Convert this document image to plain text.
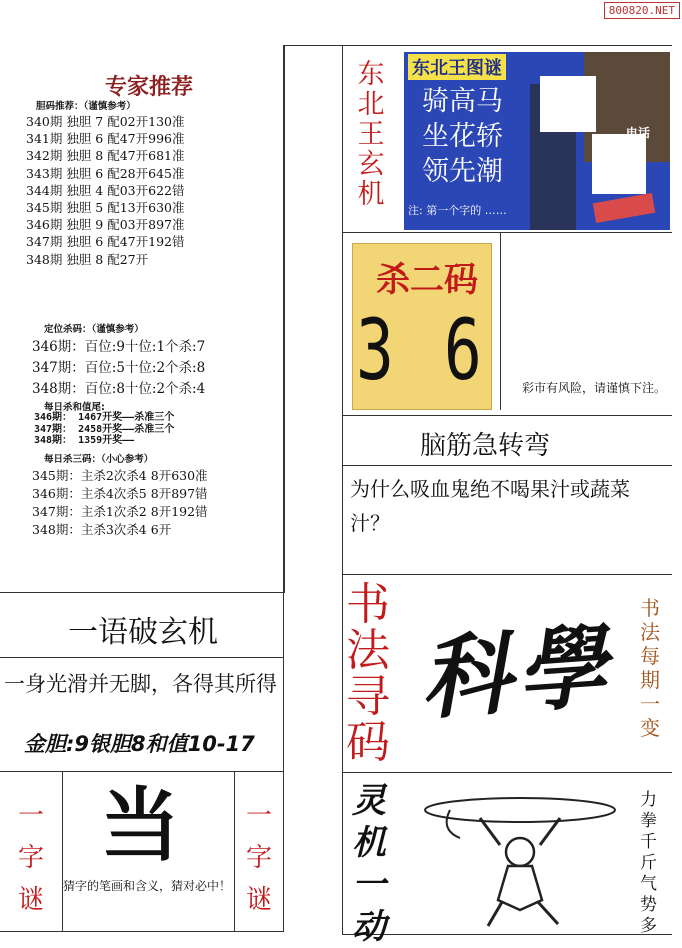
800820.NET
专家推荐
胆码推荐：（谨慎参考）
340期 独胆 7 配02开130准
341期 独胆 6 配47开996准
342期 独胆 8 配47开681准
343期 独胆 6 配28开645准
344期 独胆 4 配03开622错
345期 独胆 5 配13开630准
346期 独胆 9 配03开897准
347期 独胆 6 配47开192错
348期 独胆 8 配27开
定位杀码：（谨慎参考）
346期：百位:9十位:1个杀:7
347期：百位:5十位:2个杀:8
348期：百位:8十位:2个杀:4
每日杀和值尾:
346期： 1467开奖——杀准三个
347期： 2458开奖——杀准三个
348期： 1359开奖——
每日杀三码：（小心参考）
345期：主杀2次杀4 8开630准
346期：主杀4次杀5 8开897错
347期：主杀1次杀2 8开192错
348期：主杀3次杀4 6开
一语破玄机
一身光滑并无脚，各得其所得
金胆:9银胆8和值10-17
一字谜
一字谜
当
猜字的笔画和含义，猜对必中！
东北王玄机
东北王图谜
骑高马
坐花轿
领先潮
电话
注: 第一个字的 ……
杀二码
3 6	彩市有风险，请谨慎下注。
脑筋急转弯
为什么吸血鬼绝不喝果汁或蔬菜汁？
书法寻码
科學
书法每期一变
灵机一动
力拳千斤气势多
